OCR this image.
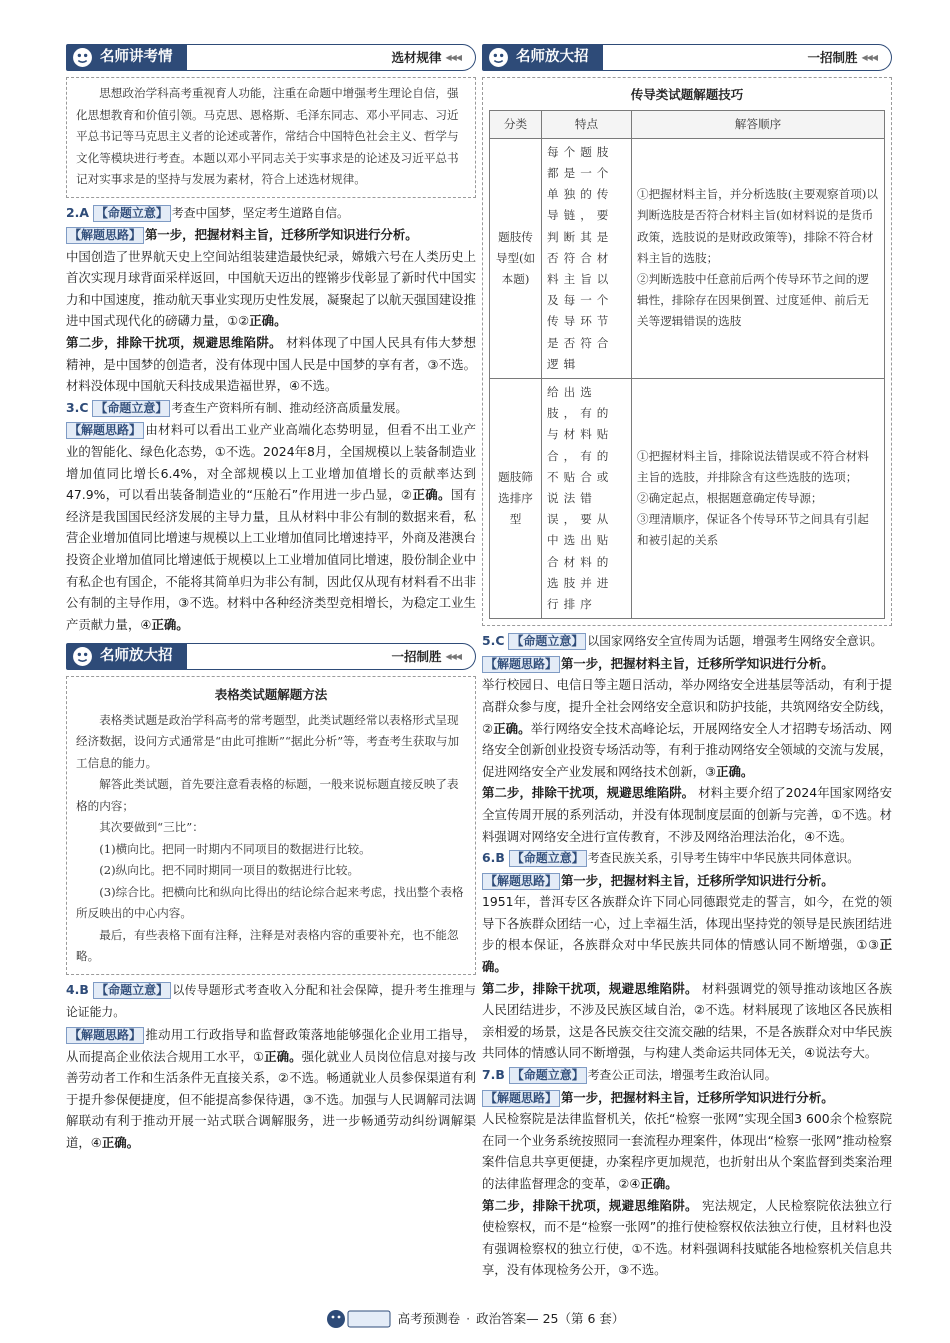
名师讲考情	选材规律 ◀◀◀

思想政治学科高考重视育人功能，注重在命题中增强考生理论自信，强化思想教育和价值引领。马克思、恩格斯、毛泽东同志、邓小平同志、习近平总书记等马克思主义者的论述或著作，常结合中国特色社会主义、哲学与文化等模块进行考查。本题以邓小平同志关于实事求是的论述及习近平总书记对实事求是的坚持与发展为素材，符合上述选材规律。

2.A 【命题立意】 考查中国梦，坚定考生道路自信。
【解题思路】 第一步，把握材料主旨，迁移所学知识进行分析。
中国创造了世界航天史上空间站组装建造最快纪录，嫦娥六号在人类历史上首次实现月球背面采样返回，中国航天迈出的铿锵步伐彰显了新时代中国实力和中国速度，推动航天事业实现历史性发展，凝聚起了以航天强国建设推进中国式现代化的磅礴力量，①②正确。
第二步，排除干扰项，规避思维陷阱。 材料体现了中国人民具有伟大梦想精神，是中国梦的创造者，没有体现中国人民是中国梦的享有者，③不选。材料没体现中国航天科技成果造福世界，④不选。
3.C 【命题立意】 考查生产资料所有制、推动经济高质量发展。
【解题思路】 由材料可以看出工业产业高端化态势明显，但看不出工业产业的智能化、绿色化态势，①不选。2024年8月，全国规模以上装备制造业增加值同比增长6.4%，对全部规模以上工业增加值增长的贡献率达到47.9%，可以看出装备制造业的“压舱石”作用进一步凸显，②正确。国有经济是我国国民经济发展的主导力量，且从材料中非公有制的数据来看，私营企业增加值同比增速与规模以上工业增加值同比增速持平，外商及港澳台投资企业增加值同比增速低于规模以上工业增加值同比增速，股份制企业中有私企也有国企，不能将其简单归为非公有制，因此仅从现有材料看不出非公有制的主导作用，③不选。材料中各种经济类型竞相增长，为稳定工业生产贡献力量，④正确。
名师放大招	一招制胜 ◀◀◀

表格类试题解题方法

表格类试题是政治学科高考的常考题型，此类试题经常以表格形式呈现经济数据，设问方式通常是“由此可推断”“据此分析”等，考查考生获取与加工信息的能力。

解答此类试题，首先要注意看表格的标题，一般来说标题直接反映了表格的内容；

其次要做到“三比”：

(1)横向比。把同一时期内不同项目的数据进行比较。

(2)纵向比。把不同时期同一项目的数据进行比较。

(3)综合比。把横向比和纵向比得出的结论综合起来考虑，找出整个表格所反映出的中心内容。

最后，有些表格下面有注释，注释是对表格内容的重要补充，也不能忽略。

4.B 【命题立意】 以传导题形式考查收入分配和社会保障，提升考生推理与论证能力。
【解题思路】 推动用工行政指导和监督政策落地能够强化企业用工指导，从而提高企业依法合规用工水平，①正确。强化就业人员岗位信息对接与改善劳动者工作和生活条件无直接关系，②不选。畅通就业人员参保渠道有利于提升参保便捷度，但不能提高参保待遇，③不选。加强与人民调解司法调解联动有利于推动开展一站式联合调解服务，进一步畅通劳动纠纷调解渠道，④正确。
名师放大招	一招制胜 ◀◀◀

传导类试题解题技巧

分类	特点	解答顺序
题肢传导型(如本题)	每个题肢都是一个单独的传导链，要判断其是否符合材料主旨以及每一个传导环节是否符合逻辑	①把握材料主旨，并分析选肢(主要观察首项)以判断选肢是否符合材料主旨(如材料说的是货币政策，选肢说的是财政政策等)，排除不符合材料主旨的选肢；
②判断选肢中任意前后两个传导环节之间的逻辑性，排除存在因果倒置、过度延伸、前后无关等逻辑错误的选肢

题肢筛选排序型	给出选肢，有的与材料贴合，有的不贴合或说法错误，要从中选出贴合材料的选肢并进行排序	①把握材料主旨，排除说法错误或不符合材料主旨的选肢，并排除含有这些选肢的选项；
②确定起点，根据题意确定传导源；
③理清顺序，保证各个传导环节之间具有引起和被引起的关系
5.C 【命题立意】 以国家网络安全宣传周为话题，增强考生网络安全意识。
【解题思路】 第一步，把握材料主旨，迁移所学知识进行分析。
举行校园日、电信日等主题日活动，举办网络安全进基层等活动，有利于提高群众参与度，提升全社会网络安全意识和防护技能，共筑网络安全防线，②正确。举行网络安全技术高峰论坛，开展网络安全人才招聘专场活动、网络安全创新创业投资专场活动等，有利于推动网络安全领域的交流与发展，促进网络安全产业发展和网络技术创新，③正确。
第二步，排除干扰项，规避思维陷阱。 材料主要介绍了2024年国家网络安全宣传周开展的系列活动，并没有体现制度层面的创新与完善，①不选。材料强调对网络安全进行宣传教育，不涉及网络治理法治化，④不选。
6.B 【命题立意】 考查民族关系，引导考生铸牢中华民族共同体意识。
【解题思路】 第一步，把握材料主旨，迁移所学知识进行分析。
1951年，普洱专区各族群众许下同心同德跟党走的誓言，如今，在党的领导下各族群众团结一心，过上幸福生活，体现出坚持党的领导是民族团结进步的根本保证，各族群众对中华民族共同体的情感认同不断增强，①③正确。
第二步，排除干扰项，规避思维陷阱。 材料强调党的领导推动该地区各族人民团结进步，不涉及民族区域自治，②不选。材料展现了该地区各民族相亲相爱的场景，这是各民族交往交流交融的结果，不是各族群众对中华民族共同体的情感认同不断增强，与构建人类命运共同体无关，④说法夸大。
7.B 【命题立意】 考查公正司法，增强考生政治认同。
【解题思路】 第一步，把握材料主旨，迁移所学知识进行分析。
人民检察院是法律监督机关，依托“检察一张网”实现全国3 600余个检察院在同一个业务系统按照同一套流程办理案件，体现出“检察一张网”推动检察案件信息共享更便捷，办案程序更加规范，也折射出从个案监督到类案治理的法律监督理念的变革，②④正确。
第二步，排除干扰项，规避思维陷阱。 宪法规定，人民检察院依法独立行使检察权，而不是“检察一张网”的推行使检察权依法独立行使，且材料也没有强调检察权的独立行使，①不选。材料强调科技赋能各地检察机关信息共享，没有体现检务公开，③不选。
高考预测卷 · 政治答案— 25（第 6 套）
